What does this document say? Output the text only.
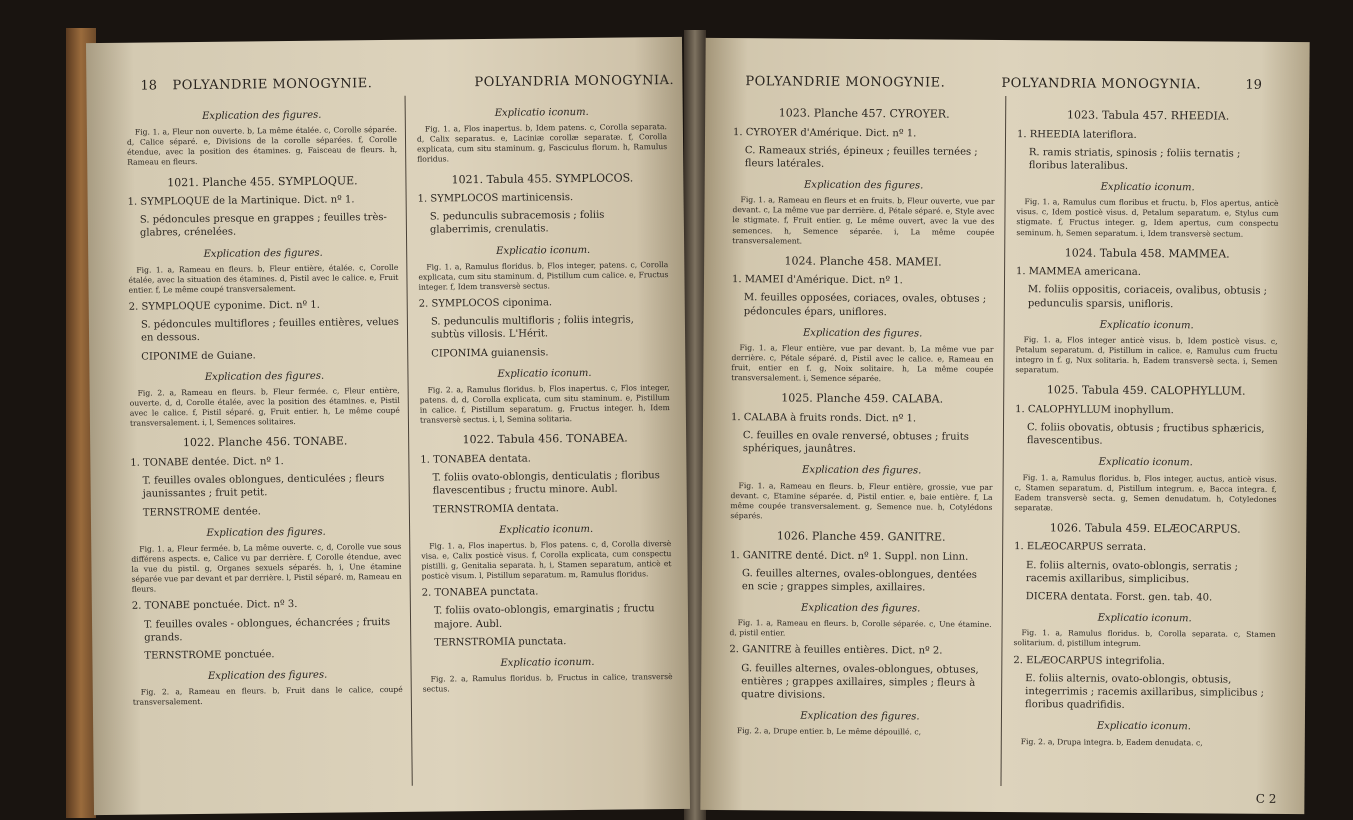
18 POLYANDRIE MONOGYNIE.	POLYANDRIA MONOGYNIA.
Explication des figures.
Fig. 1. a, Fleur non ouverte. b, La même étalée. c, Corolle séparée. d, Calice séparé. e, Divisions de la corolle séparées. f, Corolle étendue, avec la position des étamines. g, Faisceau de fleurs. h, Rameau en fleurs.
1021. Planche 455. SYMPLOQUE.
1. SYMPLOQUE de la Martinique. Dict. nº 1.
S. pédoncules presque en grappes ; feuilles très-glabres, crénelées.
Explication des figures.
Fig. 1. a, Rameau en fleurs. b, Fleur entière, étalée. c, Corolle étalée, avec la situation des étamines. d, Pistil avec le calice. e, Fruit entier. f, Le même coupé transversalement.
2. SYMPLOQUE cyponime. Dict. nº 1.
S. pédoncules multiflores ; feuilles entières, velues en dessous.
CIPONIME de Guiane.
Explication des figures.
Fig. 2. a, Rameau en fleurs. b, Fleur fermée. c, Fleur entière, ouverte. d, d, Corolle étalée, avec la position des étamines. e, Pistil avec le calice. f, Pistil séparé. g, Fruit entier. h, Le même coupé transversalement. i, l, Semences solitaires.
1022. Planche 456. TONABE.
1. TONABE dentée. Dict. nº 1.
T. feuilles ovales oblongues, denticulées ; fleurs jaunissantes ; fruit petit.
TERNSTROME dentée.
Explication des figures.
Fig. 1. a, Fleur fermée. b, La même ouverte. c, d, Corolle vue sous différens aspects. e, Calice vu par derrière. f, Corolle étendue, avec la vue du pistil. g, Organes sexuels séparés. h, i, Une étamine séparée vue par devant et par derrière. l, Pistil séparé. m, Rameau en fleurs.
2. TONABE ponctuée. Dict. nº 3.
T. feuilles ovales - oblongues, échancrées ; fruits grands.
TERNSTROME ponctuée.
Explication des figures.
Fig. 2. a, Rameau en fleurs. b, Fruit dans le calice, coupé transversalement.
Explicatio iconum.
Fig. 1. a, Flos inapertus. b, Idem patens. c, Corolla separata. d, Calix separatus. e, Laciniæ corollæ separatæ. f, Corolla explicata, cum situ staminum. g, Fasciculus florum. h, Ramulus floridus.
1021. Tabula 455. SYMPLOCOS.
1. SYMPLOCOS martinicensis.
S. pedunculis subracemosis ; foliis glaberrimis, crenulatis.
Explicatio iconum.
Fig. 1. a, Ramulus floridus. b, Flos integer, patens. c, Corolla explicata, cum situ staminum. d, Pistillum cum calice. e, Fructus integer. f, Idem transversè sectus.
2. SYMPLOCOS ciponima.
S. pedunculis multifloris ; foliis integris, subtùs villosis. L'Hérit.
CIPONIMA guianensis.
Explicatio iconum.
Fig. 2. a, Ramulus floridus. b, Flos inapertus. c, Flos integer, patens. d, d, Corolla explicata, cum situ staminum. e, Pistillum in calice. f, Pistillum separatum. g, Fructus integer. h, Idem transversè sectus. i, l, Semina solitaria.
1022. Tabula 456. TONABEA.
1. TONABEA dentata.
T. foliis ovato-oblongis, denticulatis ; floribus flavescentibus ; fructu minore. Aubl.
TERNSTROMIA dentata.
Explicatio iconum.
Fig. 1. a, Flos inapertus. b, Flos patens. c, d, Corolla diversè visa. e, Calix posticè visus. f, Corolla explicata, cum conspectu pistilli. g, Genitalia separata. h, i, Stamen separatum, anticè et posticè visum. l, Pistillum separatum. m, Ramulus floridus.
2. TONABEA punctata.
T. foliis ovato-oblongis, emarginatis ; fructu majore. Aubl.
TERNSTROMIA punctata.
Explicatio iconum.
Fig. 2. a, Ramulus floridus. b, Fructus in calice, transversè sectus.
POLYANDRIE MONOGYNIE.	POLYANDRIA MONOGYNIA.	19
1023. Planche 457. CYROYER.
1. CYROYER d'Amérique. Dict. nº 1.
C. Rameaux striés, épineux ; feuilles ternées ; fleurs latérales.
Explication des figures.
Fig. 1. a, Rameau en fleurs et en fruits. b, Fleur ouverte, vue par devant. c, La même vue par derrière. d, Pétale séparé. e, Style avec le stigmate. f, Fruit entier. g, Le même ouvert, avec la vue des semences. h, Semence séparée. i, La même coupée transversalement.
1024. Planche 458. MAMEI.
1. MAMEI d'Amérique. Dict. nº 1.
M. feuilles opposées, coriaces, ovales, obtuses ; pédoncules épars, uniflores.
Explication des figures.
Fig. 1. a, Fleur entière, vue par devant. b, La même vue par derrière. c, Pétale séparé. d, Pistil avec le calice. e, Rameau en fruit, entier en f. g, Noix solitaire. h, La même coupée transversalement. i, Semence séparée.
1025. Planche 459. CALABA.
1. CALABA à fruits ronds. Dict. nº 1.
C. feuilles en ovale renversé, obtuses ; fruits sphériques, jaunâtres.
Explication des figures.
Fig. 1. a, Rameau en fleurs. b, Fleur entière, grossie, vue par devant. c, Etamine séparée. d, Pistil entier. e, baie entière. f, La même coupée transversalement. g, Semence nue. h, Cotylédons séparés.
1026. Planche 459. GANITRE.
1. GANITRE denté. Dict. nº 1. Suppl. non Linn.
G. feuilles alternes, ovales-oblongues, dentées en scie ; grappes simples, axillaires.
Explication des figures.
Fig. 1. a, Rameau en fleurs. b, Corolle séparée. c, Une étamine. d, pistil entier.
2. GANITRE à feuilles entières. Dict. nº 2.
G. feuilles alternes, ovales-oblongues, obtuses, entières ; grappes axillaires, simples ; fleurs à quatre divisions.
Explication des figures.
Fig. 2. a, Drupe entier. b, Le même dépouillé. c,
1023. Tabula 457. RHEEDIA.
1. RHEEDIA lateriflora.
R. ramis striatis, spinosis ; foliis ternatis ; floribus lateralibus.
Explicatio iconum.
Fig. 1. a, Ramulus cum floribus et fructu. b, Flos apertus, anticè visus. c, Idem posticè visus. d, Petalum separatum. e, Stylus cum stigmate. f, Fructus integer. g, Idem apertus, cum conspectu seminum. h, Semen separatum. i, Idem transversè sectum.
1024. Tabula 458. MAMMEA.
1. MAMMEA americana.
M. foliis oppositis, coriaceis, ovalibus, obtusis ; pedunculis sparsis, unifloris.
Explicatio iconum.
Fig. 1. a, Flos integer anticè visus. b, Idem posticè visus. c, Petalum separatum. d, Pistillum in calice. e, Ramulus cum fructu integro in f. g, Nux solitaria. h, Eadem transversè secta. i, Semen separatum.
1025. Tabula 459. CALOPHYLLUM.
1. CALOPHYLLUM inophyllum.
C. foliis obovatis, obtusis ; fructibus sphæricis, flavescentibus.
Explicatio iconum.
Fig. 1. a, Ramulus floridus. b, Flos integer, auctus, anticè visus. c, Stamen separatum. d, Pistillum integrum. e, Bacca integra. f, Eadem transversè secta. g, Semen denudatum. h, Cotyledones separatæ.
1026. Tabula 459. ELÆOCARPUS.
1. ELÆOCARPUS serrata.
E. foliis alternis, ovato-oblongis, serratis ; racemis axillaribus, simplicibus.
DICERA dentata. Forst. gen. tab. 40.
Explicatio iconum.
Fig. 1. a, Ramulus floridus. b, Corolla separata. c, Stamen solitarium. d, pistillum integrum.
2. ELÆOCARPUS integrifolia.
E. foliis alternis, ovato-oblongis, obtusis, integerrimis ; racemis axillaribus, simplicibus ; floribus quadrifidis.
Explicatio iconum.
Fig. 2. a, Drupa integra. b, Eadem denudata. c,
C 2
